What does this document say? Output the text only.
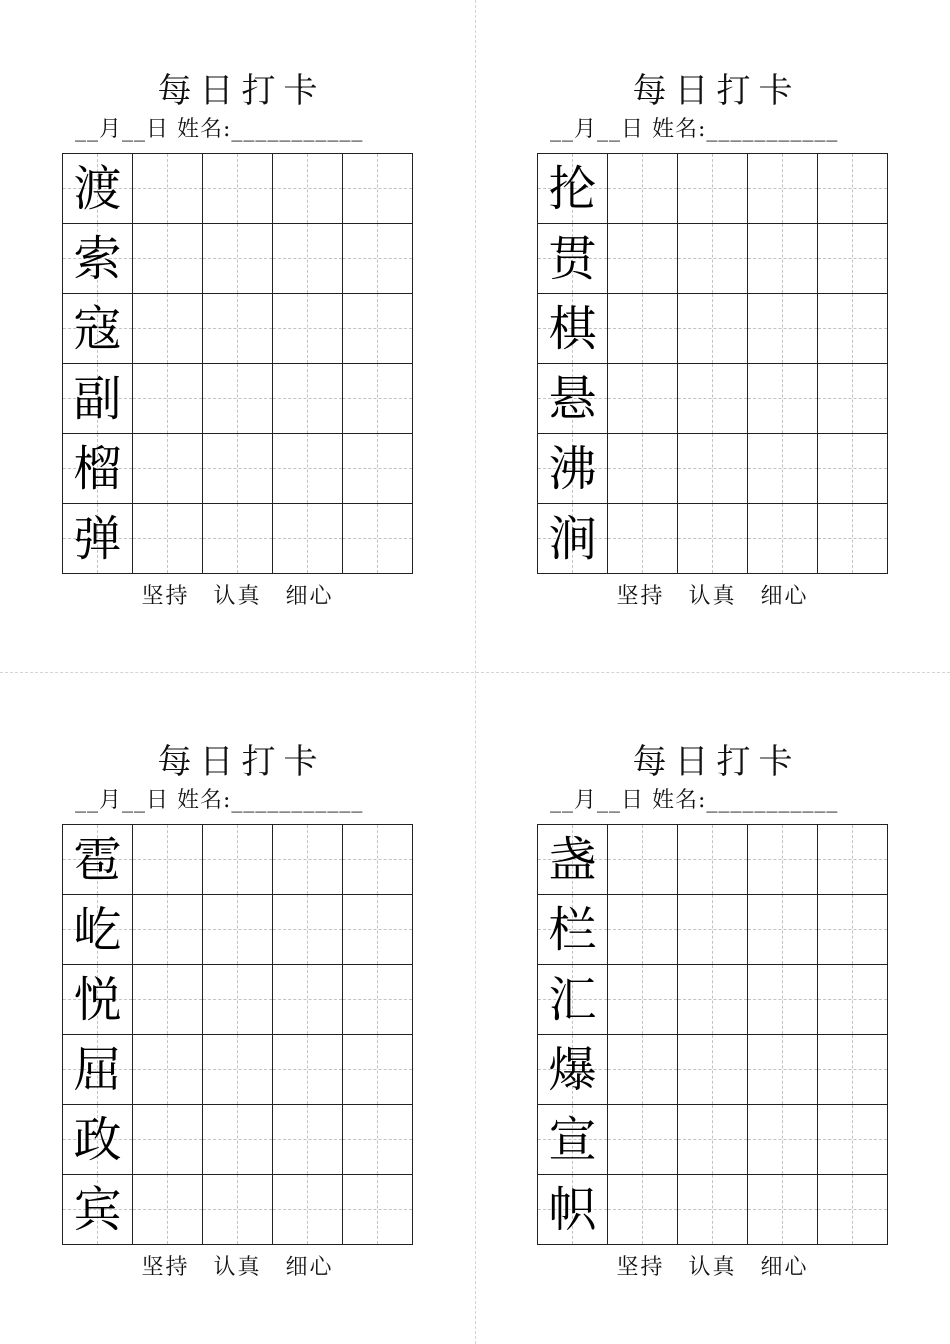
每日打卡
__月__日 姓名:___________
渡
索
寇
副
榴
弹
坚持 认真 细心
每日打卡
__月__日 姓名:___________
抡
贯
棋
悬
沸
涧
坚持 认真 细心
每日打卡
__月__日 姓名:___________
雹
屹
悦
屈
政
宾
坚持 认真 细心
每日打卡
__月__日 姓名:___________
盏
栏
汇
爆
宣
帜
坚持 认真 细心
